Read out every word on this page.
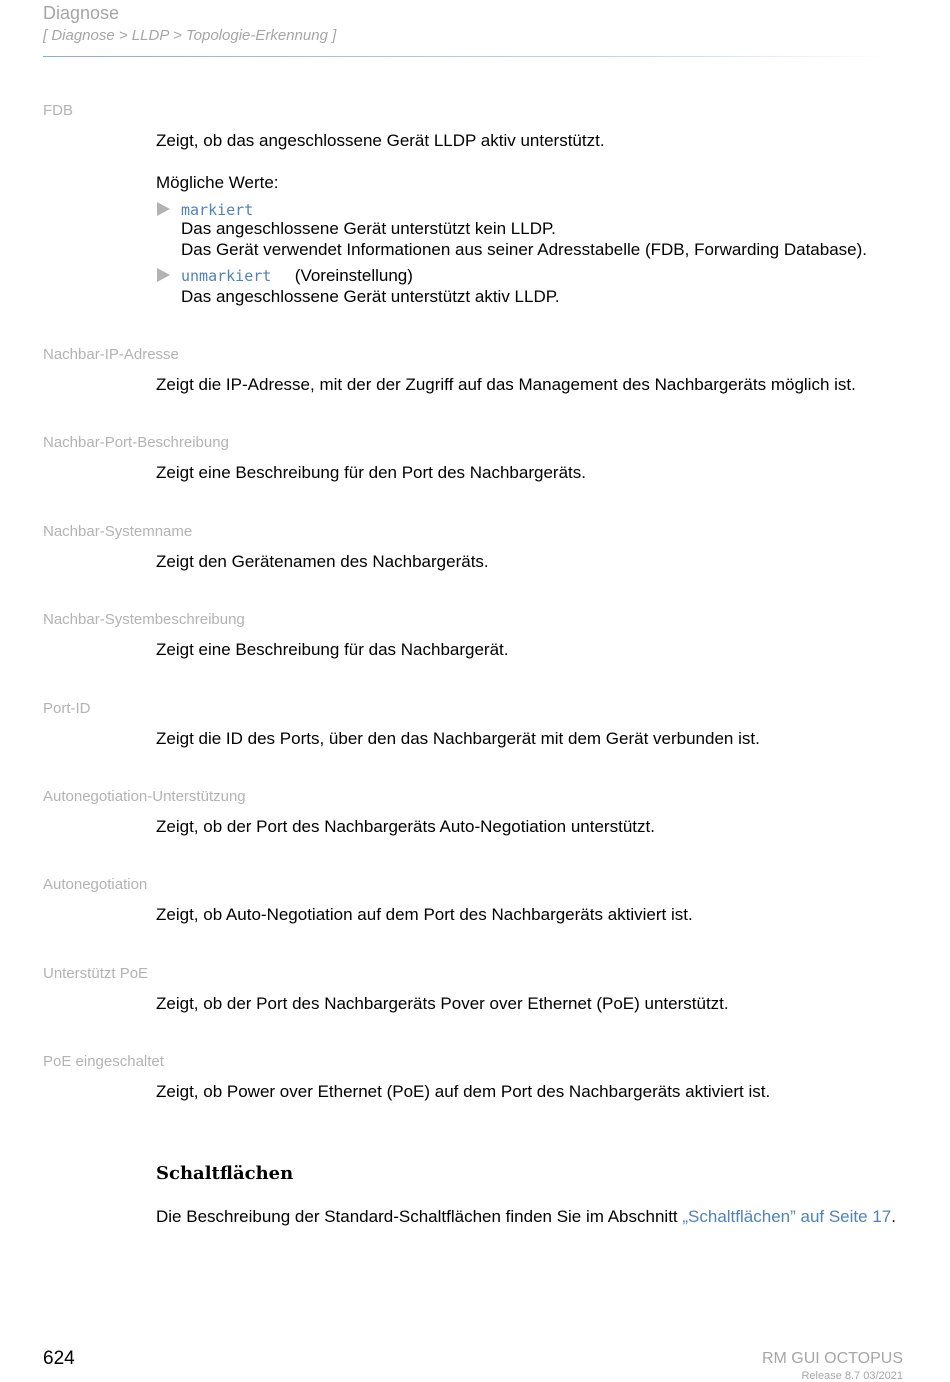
Diagnose
[ Diagnose > LLDP > Topologie-Erkennung ]
FDB
Zeigt, ob das angeschlossene Gerät LLDP aktiv unterstützt.
Mögliche Werte:
markiert
Das angeschlossene Gerät unterstützt kein LLDP.
Das Gerät verwendet Informationen aus seiner Adresstabelle (FDB, Forwarding Database).
unmarkiert (Voreinstellung)
Das angeschlossene Gerät unterstützt aktiv LLDP.
Nachbar-IP-Adresse
Zeigt die IP-Adresse, mit der der Zugriff auf das Management des Nachbargeräts möglich ist.
Nachbar-Port-Beschreibung
Zeigt eine Beschreibung für den Port des Nachbargeräts.
Nachbar-Systemname
Zeigt den Gerätenamen des Nachbargeräts.
Nachbar-Systembeschreibung
Zeigt eine Beschreibung für das Nachbargerät.
Port-ID
Zeigt die ID des Ports, über den das Nachbargerät mit dem Gerät verbunden ist.
Autonegotiation-Unterstützung
Zeigt, ob der Port des Nachbargeräts Auto-Negotiation unterstützt.
Autonegotiation
Zeigt, ob Auto-Negotiation auf dem Port des Nachbargeräts aktiviert ist.
Unterstützt PoE
Zeigt, ob der Port des Nachbargeräts Pover over Ethernet (PoE) unterstützt.
PoE eingeschaltet
Zeigt, ob Power over Ethernet (PoE) auf dem Port des Nachbargeräts aktiviert ist.
Schaltflächen
Die Beschreibung der Standard-Schaltflächen finden Sie im Abschnitt „Schaltflächen” auf Seite 17.
624	RM GUI OCTOPUS
Release 8.7 03/2021
